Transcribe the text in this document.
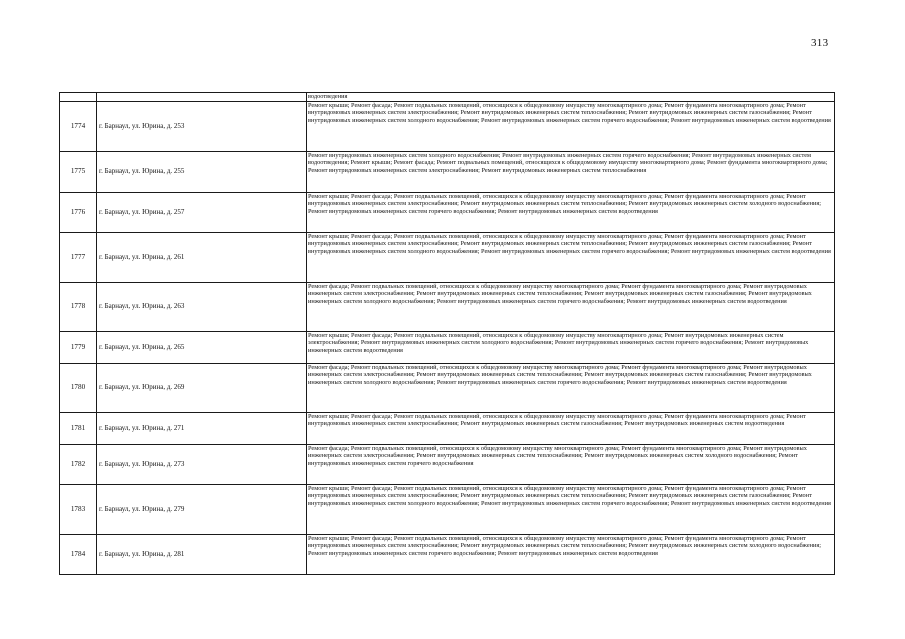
313
		водоотведения
1774	г. Барнаул, ул. Юрина, д. 253	Ремонт крыши; Ремонт фасада; Ремонт подвальных помещений, относящихся к общедомовому имуществу многоквартирного дома; Ремонт фундамента многоквартирного дома; Ремонт внутридомовых инженерных систем электроснабжения; Ремонт внутридомовых инженерных систем теплоснабжения; Ремонт внутридомовых инженерных систем газоснабжения; Ремонт внутридомовых инженерных систем холодного водоснабжения; Ремонт внутридомовых инженерных систем горячего водоснабжения; Ремонт внутридомовых инженерных систем водоотведения
1775	г. Барнаул, ул. Юрина, д. 255	Ремонт внутридомовых инженерных систем холодного водоснабжения; Ремонт внутридомовых инженерных систем горячего водоснабжения; Ремонт внутридомовых инженерных систем водоотведения; Ремонт крыши; Ремонт фасада; Ремонт подвальных помещений, относящихся к общедомовому имуществу многоквартирного дома; Ремонт фундамента многоквартирного дома; Ремонт внутридомовых инженерных систем электроснабжения; Ремонт внутридомовых инженерных систем теплоснабжения
1776	г. Барнаул, ул. Юрина, д. 257	Ремонт крыши; Ремонт фасада; Ремонт подвальных помещений, относящихся к общедомовому имуществу многоквартирного дома; Ремонт фундамента многоквартирного дома; Ремонт внутридомовых инженерных систем электроснабжения; Ремонт внутридомовых инженерных систем теплоснабжения; Ремонт внутридомовых инженерных систем холодного водоснабжения; Ремонт внутридомовых инженерных систем горячего водоснабжения; Ремонт внутридомовых инженерных систем водоотведения
1777	г. Барнаул, ул. Юрина, д. 261	Ремонт крыши; Ремонт фасада; Ремонт подвальных помещений, относящихся к общедомовому имуществу многоквартирного дома; Ремонт фундамента многоквартирного дома; Ремонт внутридомовых инженерных систем электроснабжения; Ремонт внутридомовых инженерных систем теплоснабжения; Ремонт внутридомовых инженерных систем газоснабжения; Ремонт внутридомовых инженерных систем холодного водоснабжения; Ремонт внутридомовых инженерных систем горячего водоснабжения; Ремонт внутридомовых инженерных систем водоотведения
1778	г. Барнаул, ул. Юрина, д. 263	Ремонт фасада; Ремонт подвальных помещений, относящихся к общедомовому имуществу многоквартирного дома; Ремонт фундамента многоквартирного дома; Ремонт внутридомовых инженерных систем электроснабжения; Ремонт внутридомовых инженерных систем теплоснабжения; Ремонт внутридомовых инженерных систем газоснабжения; Ремонт внутридомовых инженерных систем холодного водоснабжения; Ремонт внутридомовых инженерных систем горячего водоснабжения; Ремонт внутридомовых инженерных систем водоотведения
1779	г. Барнаул, ул. Юрина, д. 265	Ремонт крыши; Ремонт фасада; Ремонт подвальных помещений, относящихся к общедомовому имуществу многоквартирного дома; Ремонт внутридомовых инженерных систем электроснабжения; Ремонт внутридомовых инженерных систем холодного водоснабжения; Ремонт внутридомовых инженерных систем горячего водоснабжения; Ремонт внутридомовых инженерных систем водоотведения
1780	г. Барнаул, ул. Юрина, д. 269	Ремонт фасада; Ремонт подвальных помещений, относящихся к общедомовому имуществу многоквартирного дома; Ремонт фундамента многоквартирного дома; Ремонт внутридомовых инженерных систем электроснабжения; Ремонт внутридомовых инженерных систем теплоснабжения; Ремонт внутридомовых инженерных систем газоснабжения; Ремонт внутридомовых инженерных систем холодного водоснабжения; Ремонт внутридомовых инженерных систем горячего водоснабжения; Ремонт внутридомовых инженерных систем водоотведения
1781	г. Барнаул, ул. Юрина, д. 271	Ремонт крыши; Ремонт фасада; Ремонт подвальных помещений, относящихся к общедомовому имуществу многоквартирного дома; Ремонт фундамента многоквартирного дома; Ремонт внутридомовых инженерных систем электроснабжения; Ремонт внутридомовых инженерных систем газоснабжения; Ремонт внутридомовых инженерных систем водоотведения
1782	г. Барнаул, ул. Юрина, д. 273	Ремонт фасада; Ремонт подвальных помещений, относящихся к общедомовому имуществу многоквартирного дома; Ремонт фундамента многоквартирного дома; Ремонт внутридомовых инженерных систем электроснабжения; Ремонт внутридомовых инженерных систем теплоснабжения; Ремонт внутридомовых инженерных систем холодного водоснабжения; Ремонт внутридомовых инженерных систем горячего водоснабжения
1783	г. Барнаул, ул. Юрина, д. 279	Ремонт крыши; Ремонт фасада; Ремонт подвальных помещений, относящихся к общедомовому имуществу многоквартирного дома; Ремонт фундамента многоквартирного дома; Ремонт внутридомовых инженерных систем электроснабжения; Ремонт внутридомовых инженерных систем теплоснабжения; Ремонт внутридомовых инженерных систем газоснабжения; Ремонт внутридомовых инженерных систем холодного водоснабжения; Ремонт внутридомовых инженерных систем горячего водоснабжения; Ремонт внутридомовых инженерных систем водоотведения
1784	г. Барнаул, ул. Юрина, д. 281	Ремонт крыши; Ремонт фасада; Ремонт подвальных помещений, относящихся к общедомовому имуществу многоквартирного дома; Ремонт фундамента многоквартирного дома; Ремонт внутридомовых инженерных систем электроснабжения; Ремонт внутридомовых инженерных систем теплоснабжения; Ремонт внутридомовых инженерных систем холодного водоснабжения; Ремонт внутридомовых инженерных систем горячего водоснабжения; Ремонт внутридомовых инженерных систем водоотведения
